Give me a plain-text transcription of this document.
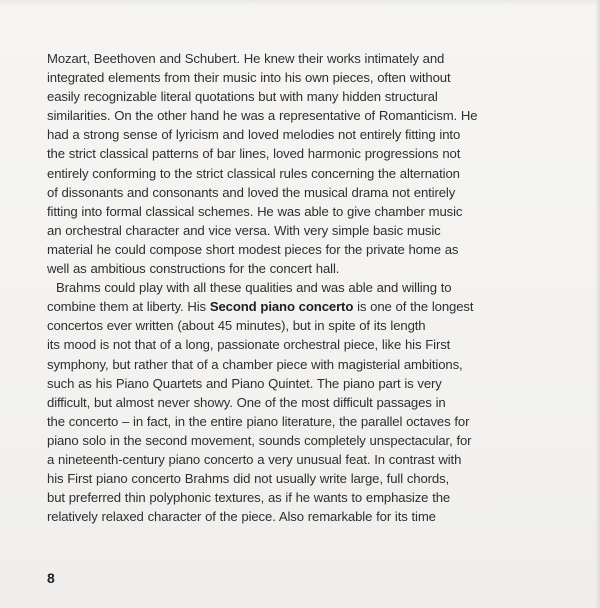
Mozart, Beethoven and Schubert. He knew their works intimately and
integrated elements from their music into his own pieces, often without
easily recognizable literal quotations but with many hidden structural
similarities. On the other hand he was a representative of Romanticism. He
had a strong sense of lyricism and loved melodies not entirely fitting into
the strict classical patterns of bar lines, loved harmonic progressions not
entirely conforming to the strict classical rules concerning the alternation
of dissonants and consonants and loved the musical drama not entirely
fitting into formal classical schemes. He was able to give chamber music
an orchestral character and vice versa. With very simple basic music
material he could compose short modest pieces for the private home as
well as ambitious constructions for the concert hall.
Brahms could play with all these qualities and was able and willing to
combine them at liberty. His Second piano concerto is one of the longest
concertos ever written (about 45 minutes), but in spite of its length
its mood is not that of a long, passionate orchestral piece, like his First
symphony, but rather that of a chamber piece with magisterial ambitions,
such as his Piano Quartets and Piano Quintet. The piano part is very
difficult, but almost never showy. One of the most difficult passages in
the concerto – in fact, in the entire piano literature, the parallel octaves for
piano solo in the second movement, sounds completely unspectacular, for
a nineteenth-century piano concerto a very unusual feat. In contrast with
his First piano concerto Brahms did not usually write large, full chords,
but preferred thin polyphonic textures, as if he wants to emphasize the
relatively relaxed character of the piece. Also remarkable for its time
8
